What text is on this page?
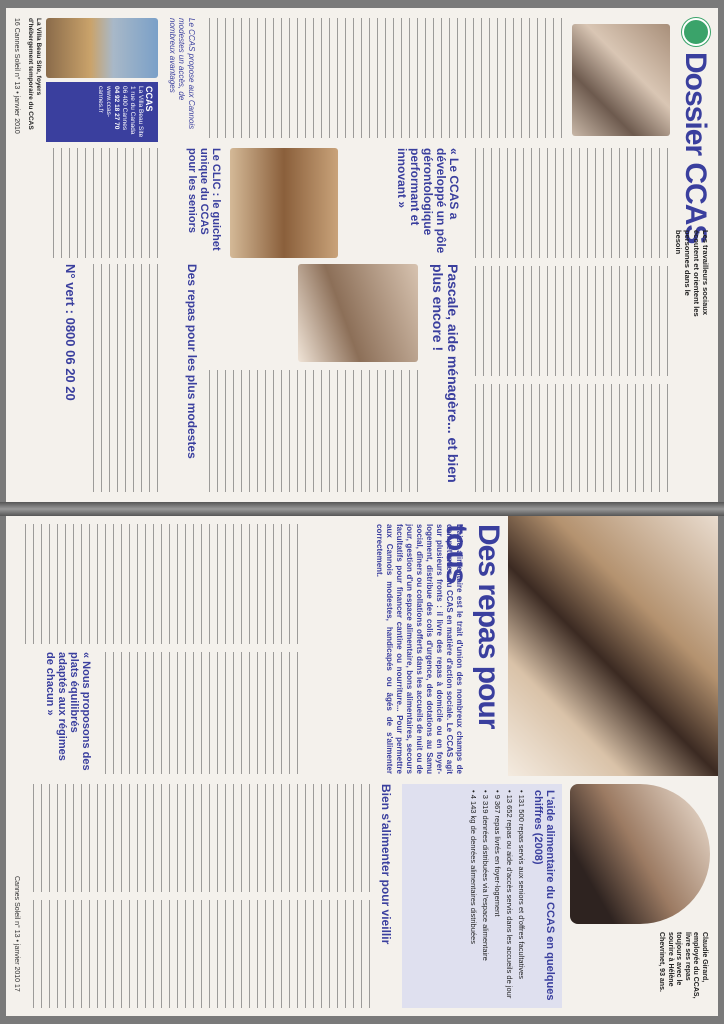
Dossier CCAS
Les travailleurs sociaux écoutent et orientent les personnes dans le besoin
Pascale, aide ménagère... et bien plus encore !
« Le CCAS a développé un pôle gérontologique performant et innovant »
Le CLIC : le guichet unique du CCAS pour les seniors
N° vert : 0800 06 20 20	Des repas pour les plus modestes
Le CCAS propose aux Cannois modestes un accès, de nombreux avantages
CCAS
La Villa Beau Site
1 rue du Canada
06 400 Cannes
04 92 18 27 70
www.ccas-cannes.fr
La Villa Beau Site, foyers d'hébergement temporaire du CCAS
16 Cannes Soleil n° 13 • janvier 2010
Des repas pour tous
L'aide alimentaire est le trait d'union des nombreux champs de compétences du CCAS en matière d'action sociale. Le CCAS agit sur plusieurs fronts : il livre des repas à domicile ou en foyer-logement, distribue des colis d'urgence, des dotations au Samu social, dîners ou collations offerts dans les accueils de nuit ou de jour, gestion d'un espace alimentaire, bons alimentaires, secours facultatifs pour financer cantine ou nourriture... Pour permettre aux Cannois modestes, handicapés ou âgés de s'alimenter correctement.
« Nous proposons des plats équilibrés adaptés aux régimes de chacun »
Claudie Girard, employée du CCAS, livre ses repas toujours avec le sourire à Hélène Chevrinet, 93 ans.
L'aide alimentaire du CCAS en quelques chiffres (2008)
• 131 500 repas servis aux seniors et d'offres facultatives
• 13 652 repas ou aide d'accès servis dans les accueils de jour
• 9 367 repas livrés en foyer-logement
• 3 319 denrées distribuées via l'espace alimentaire
• 4 143 kg de denrées alimentaires distribuées
Bien s'alimenter pour vieillir
Cannes Soleil n° 13 • janvier 2010 17
